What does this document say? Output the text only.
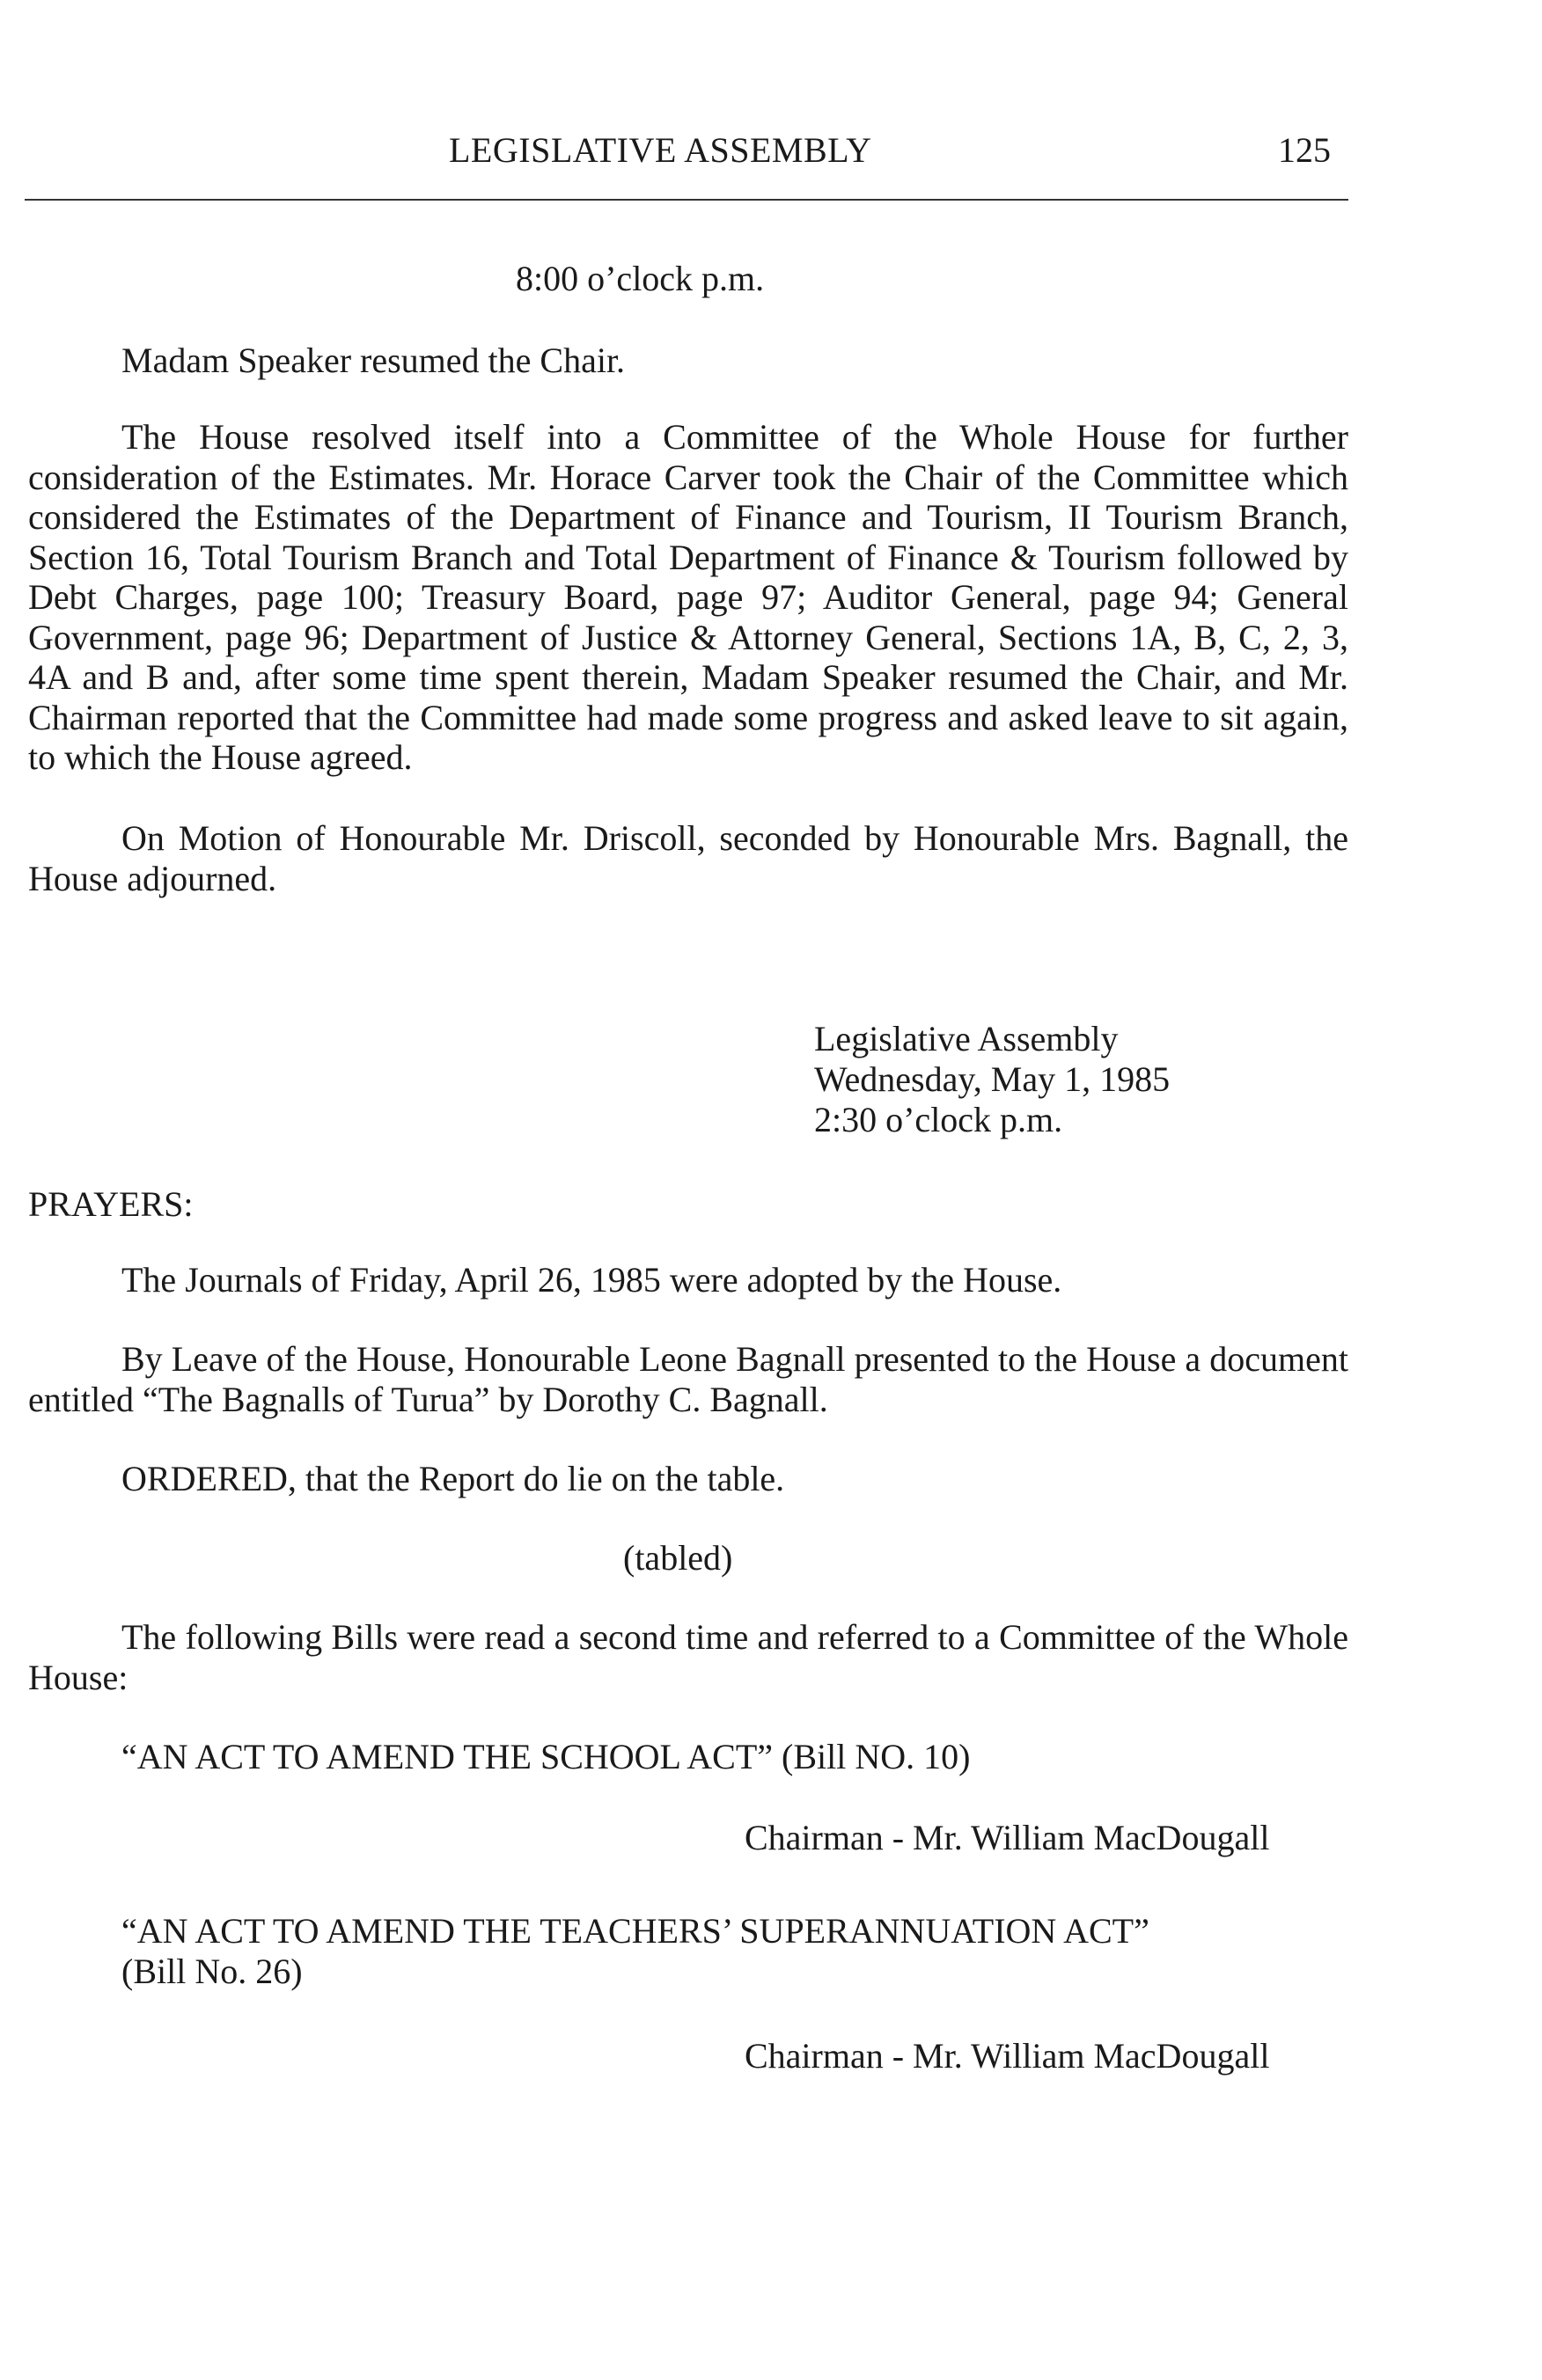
LEGISLATIVE ASSEMBLY	125
8:00 o’clock p.m.
Madam Speaker resumed the Chair.

The House resolved itself into a Committee of the Whole House for further consideration of the Estimates. Mr. Horace Carver took the Chair of the Committee which considered the Estimates of the Department of Finance and Tourism, II Tourism Branch, Section 16, Total Tourism Branch and Total Department of Finance & Tourism followed by Debt Charges, page 100; Treasury Board, page 97; Auditor General, page 94; General Government, page 96; Department of Justice & Attorney General, Sections 1A, B, C, 2, 3, 4A and B and, after some time spent therein, Madam Speaker resumed the Chair, and Mr. Chairman reported that the Committee had made some progress and asked leave to sit again, to which the House agreed.

On Motion of Honourable Mr. Driscoll, seconded by Honourable Mrs. Bagnall, the House adjourned.

Legislative Assembly
Wednesday, May 1, 1985
2:30 o’clock p.m.
PRAYERS:
The Journals of Friday, April 26, 1985 were adopted by the House.

By Leave of the House, Honourable Leone Bagnall presented to the House a document entitled “The Bagnalls of Turua” by Dorothy C. Bagnall.

ORDERED, that the Report do lie on the table.
(tabled)

The following Bills were read a second time and referred to a Committee of the Whole House:

“AN ACT TO AMEND THE SCHOOL ACT” (Bill NO. 10)
Chairman - Mr. William MacDougall
“AN ACT TO AMEND THE TEACHERS’ SUPERANNUATION ACT”
(Bill No. 26)
Chairman - Mr. William MacDougall
